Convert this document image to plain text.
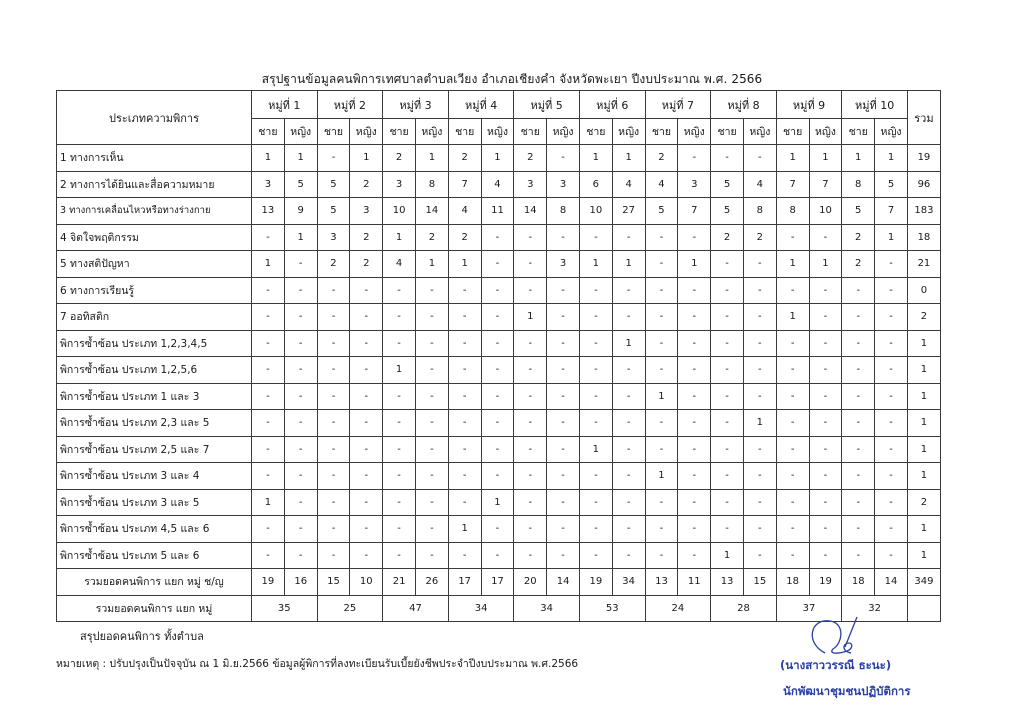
สรุปฐานข้อมูลคนพิการเทศบาลตำบลเวียง อำเภอเชียงคำ จังหวัดพะเยา ปีงบประมาณ พ.ศ. 2566
ประเภทความพิการ	หมู่ที่ 1		หมู่ที่ 2		หมู่ที่ 3		หมู่ที่ 4		หมู่ที่ 5		หมู่ที่ 6		หมู่ที่ 7		หมู่ที่ 8		หมู่ที่ 9		หมู่ที่ 10		รวม
	ชาย	หญิง	ชาย	หญิง	ชาย	หญิง	ชาย	หญิง	ชาย	หญิง	ชาย	หญิง	ชาย	หญิง	ชาย	หญิง	ชาย	หญิง	ชาย	หญิง	
1 ทางการเห็น	1	1	-	1	2	1	2	1	2	-	1	1	2	-	-	-	1	1	1	1	19
2 ทางการได้ยินและสื่อความหมาย	3	5	5	2	3	8	7	4	3	3	6	4	4	3	5	4	7	7	8	5	96
3 ทางการเคลื่อนไหวหรือทางร่างกาย	13	9	5	3	10	14	4	11	14	8	10	27	5	7	5	8	8	10	5	7	183
4 จิตใจพฤติกรรม	-	1	3	2	1	2	2	-	-	-	-	-	-	-	2	2	-	-	2	1	18
5 ทางสติปัญหา	1	-	2	2	4	1	1	-	-	3	1	1	-	1	-	-	1	1	2	-	21
6 ทางการเรียนรู้	-	-	-	-	-	-	-	-	-	-	-	-	-	-	-	-	-	-	-	-	0
7 ออทิสติก	-	-	-	-	-	-	-	-	1	-	-	-	-	-	-	-	1	-	-	-	2
พิการซ้ำซ้อน ประเภท 1,2,3,4,5	-	-	-	-	-	-	-	-	-	-	-	1	-	-	-	-	-	-	-	-	1
พิการซ้ำซ้อน ประเภท 1,2,5,6	-	-	-	-	1	-	-	-	-	-	-	-	-	-	-	-	-	-	-	-	1
พิการซ้ำซ้อน ประเภท 1 และ 3	-	-	-	-	-	-	-	-	-	-	-	-	1	-	-	-	-	-	-	-	1
พิการซ้ำซ้อน ประเภท 2,3 และ 5	-	-	-	-	-	-	-	-	-	-	-	-	-	-	-	1	-	-	-	-	1
พิการซ้ำซ้อน ประเภท 2,5 และ 7	-	-	-	-	-	-	-	-	-	-	1	-	-	-	-	-	-	-	-	-	1
พิการซ้ำซ้อน ประเภท 3 และ 4	-	-	-	-	-	-	-	-	-	-	-	-	1	-	-	-	-	-	-	-	1
พิการซ้ำซ้อน ประเภท 3 และ 5	1	-	-	-	-	-	-	1	-	-	-	-	-	-	-	-	-	-	-	-	2
พิการซ้ำซ้อน ประเภท 4,5 และ 6	-	-	-	-	-	-	1	-	-	-	-	-	-	-	-	-	-	-	-	-	1
พิการซ้ำซ้อน ประเภท 5 และ 6	-	-	-	-	-	-	-	-	-	-	-	-	-	-	1	-	-	-	-	-	1
รวมยอดคนพิการ แยก หมู่ ช/ญ	19	16	15	10	21	26	17	17	20	14	19	34	13	11	13	15	18	19	18	14	349
รวมยอดคนพิการ แยก หมู่	35		25		47		34		34		53		24		28		37		32		
สรุปยอดคนพิการ ทั้งตำบล
หมายเหตุ : ปรับปรุงเป็นปัจจุบัน ณ 1 มิ.ย.2566 ข้อมูลผู้พิการที่ลงทะเบียนรับเบี้ยยังชีพประจำปีงบประมาณ พ.ศ.2566	(นางสาววรรณี ธะนะ)
นักพัฒนาชุมชนปฏิบัติการ
